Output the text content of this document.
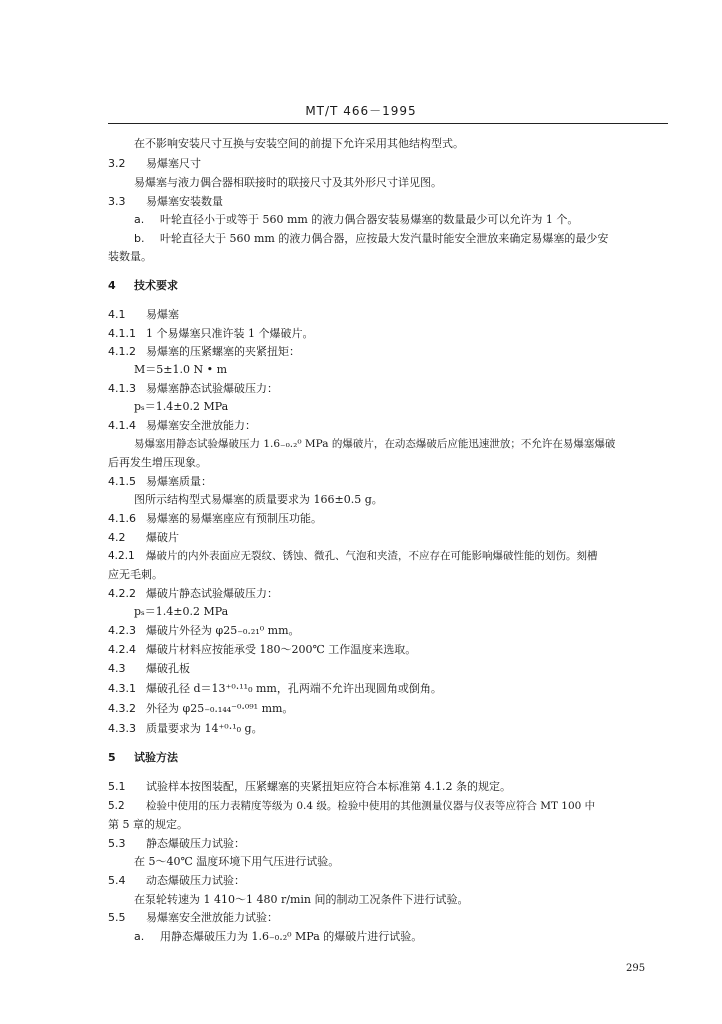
MT/T 466－1995
在不影响安装尺寸互换与安装空间的前提下允许采用其他结构型式。
3.2 易爆塞尺寸
易爆塞与液力偶合器相联接时的联接尺寸及其外形尺寸详见图。
3.3 易爆塞安装数量
a. 叶轮直径小于或等于 560 mm 的液力偶合器安装易爆塞的数量最少可以允许为 1 个。
b. 叶轮直径大于 560 mm 的液力偶合器，应按最大发汽量时能安全泄放来确定易爆塞的最少安
装数量。
4 技术要求
4.1 易爆塞
4.1.1 1 个易爆塞只准许装 1 个爆破片。
4.1.2 易爆塞的压紧螺塞的夹紧扭矩：
M＝5±1.0 N • m
4.1.3 易爆塞静态试验爆破压力：
pₛ＝1.4±0.2 MPa
4.1.4 易爆塞安全泄放能力：
易爆塞用静态试验爆破压力 1.6₋₀.₂⁰ MPa 的爆破片，在动态爆破后应能迅速泄放；不允许在易爆塞爆破
后再发生增压现象。
4.1.5 易爆塞质量：
图所示结构型式易爆塞的质量要求为 166±0.5 g。
4.1.6 易爆塞的易爆塞座应有预制压功能。
4.2 爆破片
4.2.1 爆破片的内外表面应无裂纹、锈蚀、微孔、气泡和夹渣，不应存在可能影响爆破性能的划伤。刻槽
应无毛刺。
4.2.2 爆破片静态试验爆破压力：
pₛ＝1.4±0.2 MPa
4.2.3 爆破片外径为 φ25₋₀.₂₁⁰ mm。
4.2.4 爆破片材料应按能承受 180～200℃ 工作温度来选取。
4.3 爆破孔板
4.3.1 爆破孔径 d＝13⁺⁰·¹¹₀ mm，孔两端不允许出现圆角或倒角。
4.3.2 外径为 φ25₋₀.₁₄₄⁻⁰·⁰⁹¹ mm。
4.3.3 质量要求为 14⁺⁰·¹₀ g。
5 试验方法
5.1 试验样本按图装配，压紧螺塞的夹紧扭矩应符合本标准第 4.1.2 条的规定。
5.2 检验中使用的压力表精度等级为 0.4 级。检验中使用的其他测量仪器与仪表等应符合 MT 100 中
第 5 章的规定。
5.3 静态爆破压力试验：
在 5～40℃ 温度环境下用气压进行试验。
5.4 动态爆破压力试验：
在泵轮转速为 1 410～1 480 r/min 间的制动工况条件下进行试验。
5.5 易爆塞安全泄放能力试验：
a. 用静态爆破压力为 1.6₋₀.₂⁰ MPa 的爆破片进行试验。
295
